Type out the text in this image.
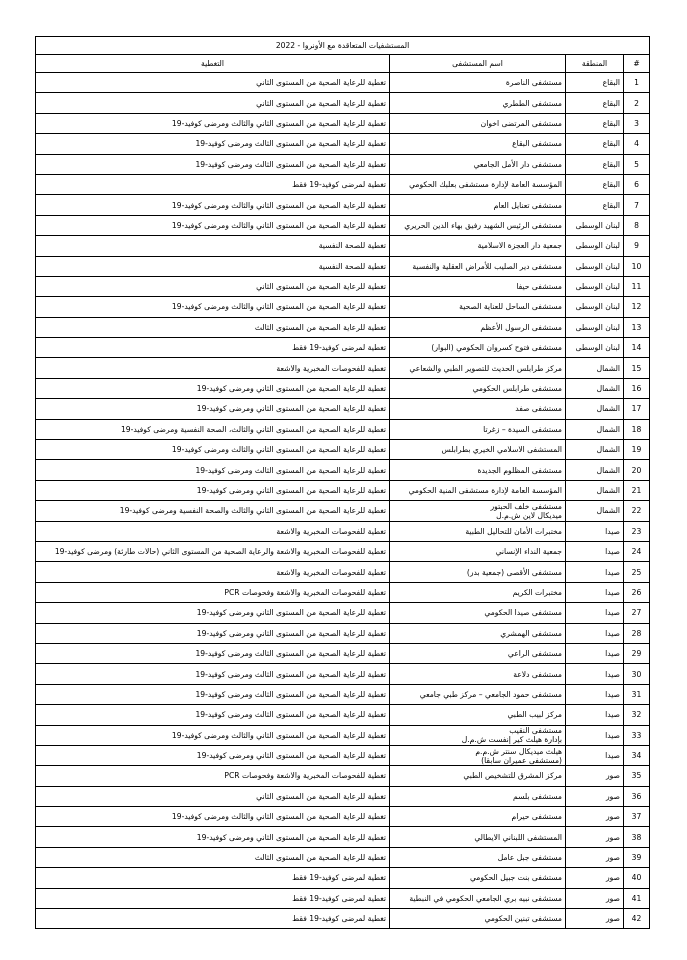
المستشفيات المتعاقدة مع الأونروا - 2022			
#	المنطقة	اسم المستشفى	التغطية
1	البقاع	مستشفى الناصرة	تغطية للرعاية الصحية من المستوى الثاني
2	البقاع	مستشفى الططري	تغطية للرعاية الصحية من المستوى الثاني
3	البقاع	مستشفى المرتضى اخوان	تغطية للرعاية الصحية من المستوى الثاني والثالث ومرضى كوفيد-19
4	البقاع	مستشفى البقاع	تغطية للرعاية الصحية من المستوى الثالث ومرضى كوفيد-19
5	البقاع	مستشفى دار الأمل الجامعي	تغطية للرعاية الصحية من المستوى الثالث ومرضى كوفيد-19
6	البقاع	المؤسسة العامة لإدارة مستشفى بعلبك الحكومي	تغطية لمرضى كوفيد-19 فقط
7	البقاع	مستشفى تعنايل العام	تغطية للرعاية الصحية من المستوى الثاني والثالث ومرضى كوفيد-19
8	لبنان الوسطى	مستشفى الرئيس الشهيد رفيق بهاء الدين الحريري	تغطية للرعاية الصحية من المستوى الثاني والثالث ومرضى كوفيد-19
9	لبنان الوسطى	جمعية دار العجزة الاسلامية	تغطية للصحة النفسية
10	لبنان الوسطى	مستشفى دير الصليب للأمراض العقلية والنفسية	تغطية للصحة النفسية
11	لبنان الوسطى	مستشفى حيفا	تغطية للرعاية الصحية من المستوى الثاني
12	لبنان الوسطى	مستشفى الساحل للعناية الصحية	تغطية للرعاية الصحية من المستوى الثاني والثالث ومرضى كوفيد-19
13	لبنان الوسطى	مستشفى الرسول الأعظم	تغطية للرعاية الصحية من المستوى الثالث
14	لبنان الوسطى	مستشفى فتوح كسروان الحكومي (البوار)	تغطية لمرضى كوفيد-19 فقط
15	الشمال	مركز طرابلس الحديث للتصوير الطبي والشعاعي	تغطية للفحوصات المخبرية والاشعة
16	الشمال	مستشفى طرابلس الحكومي	تغطية للرعاية الصحية من المستوى الثاني ومرضى كوفيد-19
17	الشمال	مستشفى صفد	تغطية للرعاية الصحية من المستوى الثاني ومرضى كوفيد-19
18	الشمال	مستشفى السيدة – زغرتا	تغطية للرعاية الصحية من المستوى الثاني والثالث، الصحة النفسية ومرضى كوفيد-19
19	الشمال	المستشفى الاسلامي الخيري بطرابلس	تغطية للرعاية الصحية من المستوى الثاني والثالث ومرضى كوفيد-19
20	الشمال	مستشفى المظلوم الجديدة	تغطية للرعاية الصحية من المستوى الثالث ومرضى كوفيد-19
21	الشمال	المؤسسة العامة لإدارة مستشفى المنية الحكومي	تغطية للرعاية الصحية من المستوى الثاني ومرضى كوفيد-19
22	الشمال	مستشفى خلف الحبتور
ميديكال لاين ش.م.ل	تغطية للرعاية الصحية من المستوى الثاني والثالث والصحة النفسية ومرضى كوفيد-19
23	صيدا	مختبرات الأمان للتحاليل الطبية	تغطية للفحوصات المخبرية والاشعة
24	صيدا	جمعية النداء الإنساني	تغطية للفحوصات المخبرية والاشعة والرعاية الصحية من المستوى الثاني (حالات طارئة) ومرضى كوفيد-19
25	صيدا	مستشفى الأقصى (جمعية بدر)	تغطية للفحوصات المخبرية والاشعة
26	صيدا	مختبرات الكريم	تغطية للفحوصات المخبرية والاشعة وفحوصات PCR
27	صيدا	مستشفى صيدا الحكومي	تغطية للرعاية الصحية من المستوى الثاني ومرضى كوفيد-19
28	صيدا	مستشفى الهمشري	تغطية للرعاية الصحية من المستوى الثاني ومرضى كوفيد-19
29	صيدا	مستشفى الراعي	تغطية للرعاية الصحية من المستوى الثالث ومرضى كوفيد-19
30	صيدا	مستشفى دلاعة	تغطية للرعاية الصحية من المستوى الثالث ومرضى كوفيد-19
31	صيدا	مستشفى حمود الجامعي – مركز طبي جامعي	تغطية للرعاية الصحية من المستوى الثالث ومرضى كوفيد-19
32	صيدا	مركز لبيب الطبي	تغطية للرعاية الصحية من المستوى الثالث ومرضى كوفيد-19
33	صيدا	مستشفى النقيب
بإدارة هيلث كير إنفست ش.م.ل	تغطية للرعاية الصحية من المستوى الثاني والثالث ومرضى كوفيد-19
34	صيدا	هيلث ميديكال سنتر ش.م.م
(مستشفى عميران سابقا)	تغطية للرعاية الصحية من المستوى الثاني ومرضى كوفيد-19
35	صور	مركز المشرق للتشخيص الطبي	تغطية للفحوصات المخبرية والاشعة وفحوصات PCR
36	صور	مستشفى بلسم	تغطية للرعاية الصحية من المستوى الثاني
37	صور	مستشفى حيرام	تغطية للرعاية الصحية من المستوى الثاني والثالث ومرضى كوفيد-19
38	صور	المستشفى اللبناني الايطالي	تغطية للرعاية الصحية من المستوى الثاني ومرضى كوفيد-19
39	صور	مستشفى جبل عامل	تغطية للرعاية الصحية من المستوى الثالث
40	صور	مستشفى بنت جبيل الحكومي	تغطية لمرضى كوفيد-19 فقط
41	صور	مستشفى نبيه بري الجامعي الحكومي في النبطية	تغطية لمرضى كوفيد-19 فقط
42	صور	مستشفى تبنين الحكومي	تغطية لمرضى كوفيد-19 فقط
